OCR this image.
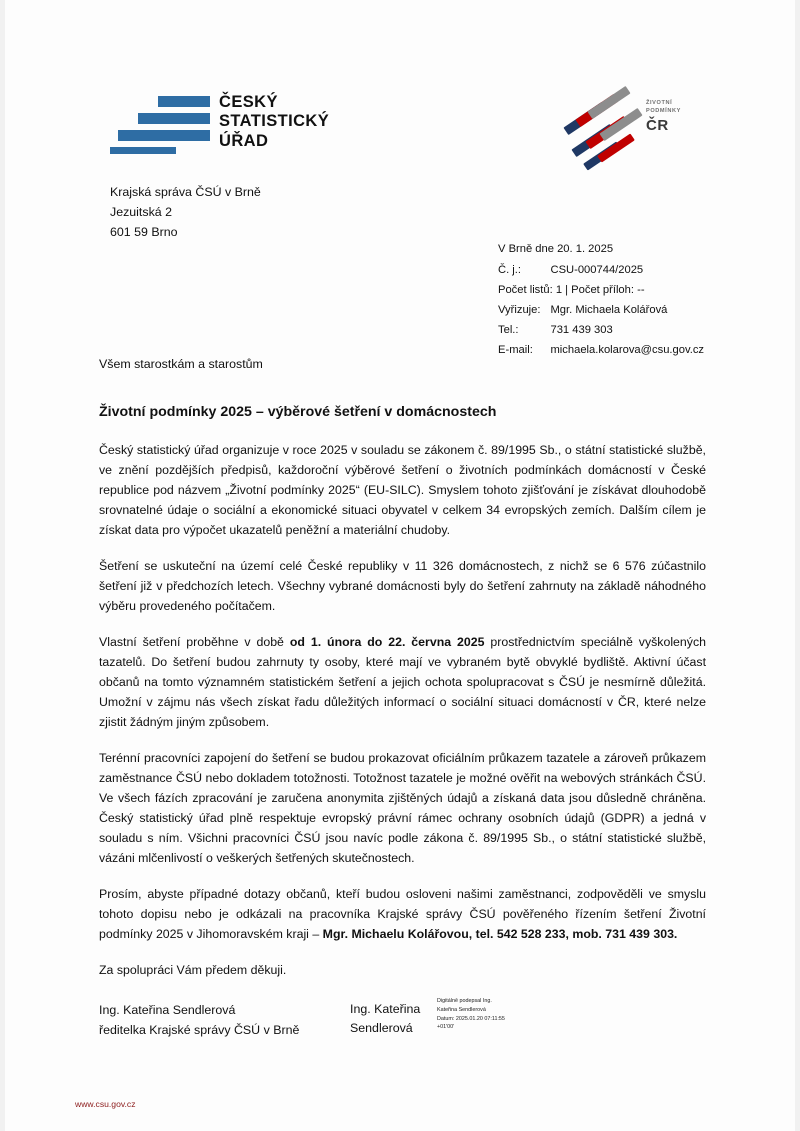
ČESKÝ
STATISTICKÝ
ÚŘAD
ŽIVOTNÍ
PODMÍNKY
ČR
Krajská správa ČSÚ v Brně
Jezuitská 2
601 59 Brno
V Brně dne 20. 1. 2025
Č. j.:	CSU-000744/2025
Počet listů: 1 | Počet příloh: --	
Vyřizuje:	Mgr. Michaela Kolářová
Tel.:	731 439 303
E-mail:	michaela.kolarova@csu.gov.cz
Všem starostkám a starostům
Životní podmínky 2025 – výběrové šetření v domácnostech

Český statistický úřad organizuje v roce 2025 v souladu se zákonem č. 89/1995 Sb., o státní statistické službě, ve znění pozdějších předpisů, každoroční výběrové šetření o životních podmínkách domácností v České republice pod názvem „Životní podmínky 2025“ (EU-SILC). Smyslem tohoto zjišťování je získávat dlouhodobě srovnatelné údaje o sociální a ekonomické situaci obyvatel v celkem 34 evropských zemích. Dalším cílem je získat data pro výpočet ukazatelů peněžní a materiální chudoby.

Šetření se uskuteční na území celé České republiky v 11 326 domácnostech, z nichž se 6 576 zúčastnilo šetření již v předchozích letech. Všechny vybrané domácnosti byly do šetření zahrnuty na základě náhodného výběru provedeného počítačem.

Vlastní šetření proběhne v době od 1. února do 22. června 2025 prostřednictvím speciálně vyškolených tazatelů. Do šetření budou zahrnuty ty osoby, které mají ve vybraném bytě obvyklé bydliště. Aktivní účast občanů na tomto významném statistickém šetření a jejich ochota spolupracovat s ČSÚ je nesmírně důležitá. Umožní v zájmu nás všech získat řadu důležitých informací o sociální situaci domácností v ČR, které nelze zjistit žádným jiným způsobem.

Terénní pracovníci zapojení do šetření se budou prokazovat oficiálním průkazem tazatele a zároveň průkazem zaměstnance ČSÚ nebo dokladem totožnosti. Totožnost tazatele je možné ověřit na webových stránkách ČSÚ. Ve všech fázích zpracování je zaručena anonymita zjištěných údajů a získaná data jsou důsledně chráněna. Český statistický úřad plně respektuje evropský právní rámec ochrany osobních údajů (GDPR) a jedná v souladu s ním. Všichni pracovníci ČSÚ jsou navíc podle zákona č. 89/1995 Sb., o státní statistické službě, vázáni mlčenlivostí o veškerých šetřených skutečnostech.

Prosím, abyste případné dotazy občanů, kteří budou osloveni našimi zaměstnanci, zodpověděli ve smyslu tohoto dopisu nebo je odkázali na pracovníka Krajské správy ČSÚ pověřeného řízením šetření Životní podmínky 2025 v Jihomoravském kraji – Mgr. Michaelu Kolářovou, tel. 542 528 233, mob. 731 439 303.

Za spolupráci Vám předem děkuji.

Ing. Kateřina Sendlerová
ředitelka Krajské správy ČSÚ v Brně
Ing. Kateřina
Sendlerová
Digitálně podepsal Ing.
Kateřina Sendlerová
Datum: 2025.01.20 07:11:55
+01'00'
www.csu.gov.cz
